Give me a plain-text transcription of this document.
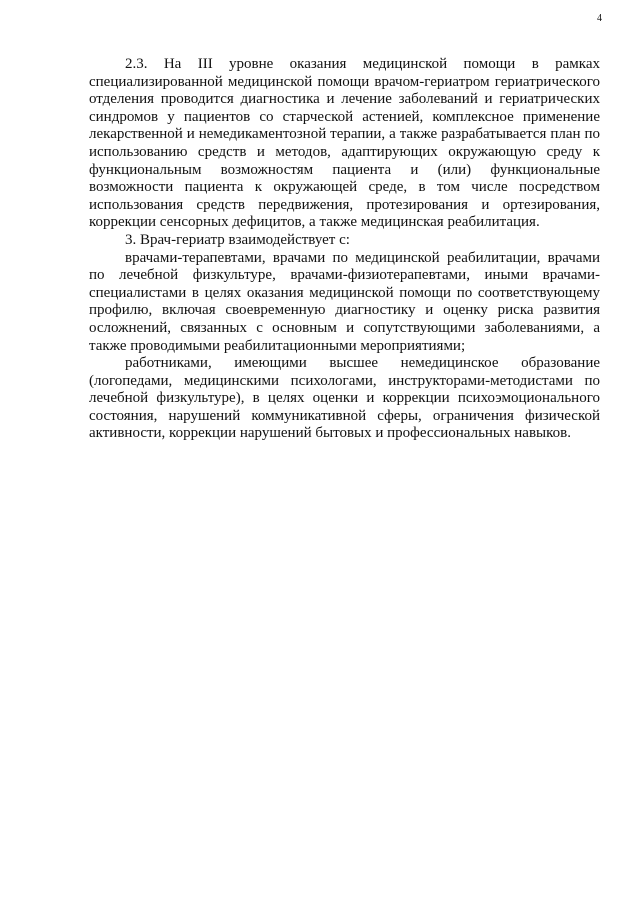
4

2.3. На III уровне оказания медицинской помощи в рамках специализированной медицинской помощи врачом-гериатром гериатрического отделения проводится диагностика и лечение заболеваний и гериатрических синдромов у пациентов со старческой астенией, комплексное применение лекарственной и немедикаментозной терапии, а также разрабатывается план по использованию средств и методов, адаптирующих окружающую среду к функциональным возможностям пациента и (или) функциональные возможности пациента к окружающей среде, в том числе посредством использования средств передвижения, протезирования и ортезирования, коррекции сенсорных дефицитов, а также медицинская реабилитация.

3. Врач-гериатр взаимодействует с:

врачами-терапевтами, врачами по медицинской реабилитации, врачами по лечебной физкультуре, врачами-физиотерапевтами, иными врачами-специалистами в целях оказания медицинской помощи по соответствующему профилю, включая своевременную диагностику и оценку риска развития осложнений, связанных с основным и сопутствующими заболеваниями, а также проводимыми реабилитационными мероприятиями;

работниками, имеющими высшее немедицинское образование (логопедами, медицинскими психологами, инструкторами-методистами по лечебной физкультуре), в целях оценки и коррекции психоэмоционального состояния, нарушений коммуникативной сферы, ограничения физической активности, коррекции нарушений бытовых и профессиональных навыков.
